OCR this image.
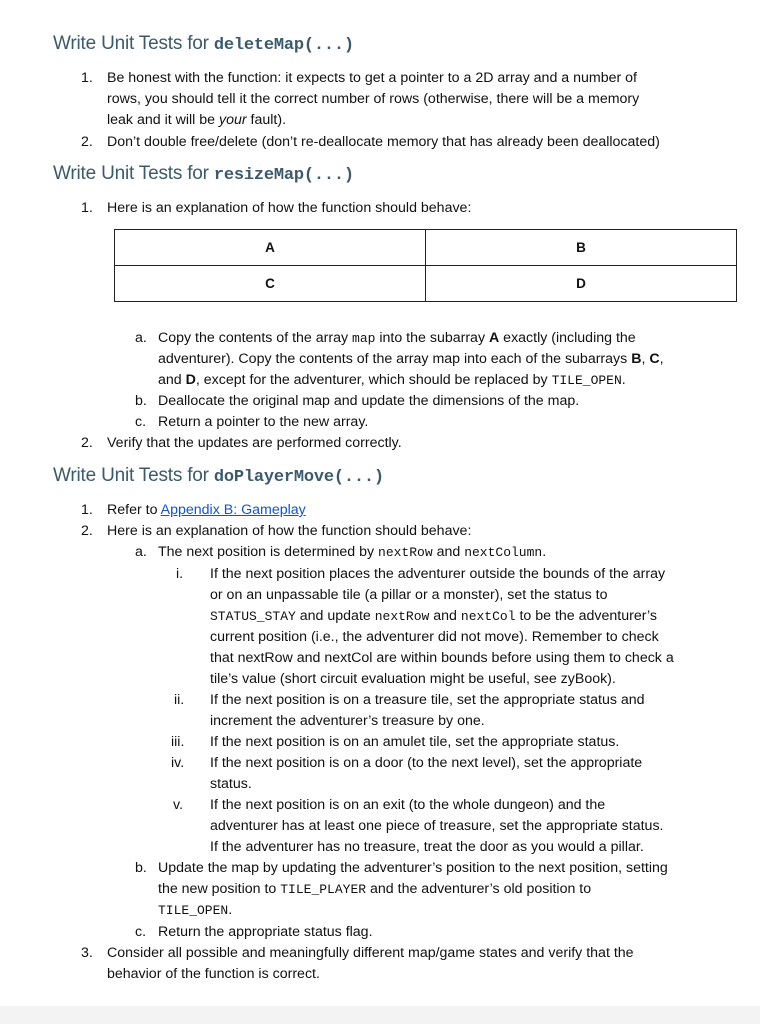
Write Unit Tests for deleteMap(...)
1. Be honest with the function: it expects to get a pointer to a 2D array and a number of
rows, you should tell it the correct number of rows (otherwise, there will be a memory
leak and it will be your fault).
2. Don’t double free/delete (don’t re-deallocate memory that has already been deallocated)
Write Unit Tests for resizeMap(...)
1. Here is an explanation of how the function should behave:
A	B
C	D
a. Copy the contents of the array map into the subarray A exactly (including the
adventurer). Copy the contents of the array map into each of the subarrays B, C,
and D, except for the adventurer, which should be replaced by TILE_OPEN.
b. Deallocate the original map and update the dimensions of the map.
c. Return a pointer to the new array.
2. Verify that the updates are performed correctly.
Write Unit Tests for doPlayerMove(...)
1. Refer to Appendix B: Gameplay
2. Here is an explanation of how the function should behave:
a. The next position is determined by nextRow and nextColumn.
i. If the next position places the adventurer outside the bounds of the array
or on an unpassable tile (a pillar or a monster), set the status to
STATUS_STAY and update nextRow and nextCol to be the adventurer’s
current position (i.e., the adventurer did not move). Remember to check
that nextRow and nextCol are within bounds before using them to check a
tile’s value (short circuit evaluation might be useful, see zyBook).
ii. If the next position is on a treasure tile, set the appropriate status and
increment the adventurer’s treasure by one.
iii. If the next position is on an amulet tile, set the appropriate status.
iv. If the next position is on a door (to the next level), set the appropriate
status.
v. If the next position is on an exit (to the whole dungeon) and the
adventurer has at least one piece of treasure, set the appropriate status.
If the adventurer has no treasure, treat the door as you would a pillar.
b. Update the map by updating the adventurer’s position to the next position, setting
the new position to TILE_PLAYER and the adventurer’s old position to
TILE_OPEN.
c. Return the appropriate status flag.
3. Consider all possible and meaningfully different map/game states and verify that the
behavior of the function is correct.
